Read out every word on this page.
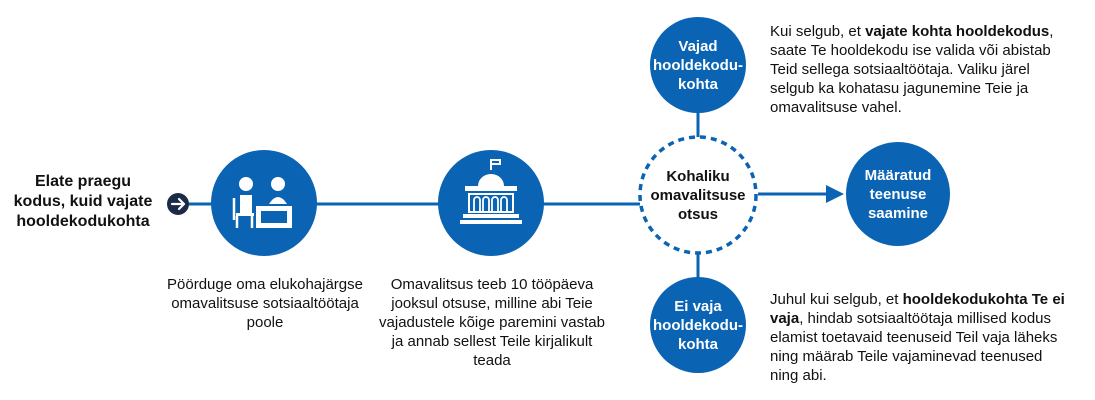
Elate praegu kodus, kuid vajate hooldekodukohta
Pöörduge oma elukohajärgse omavalitsuse sotsiaaltöötaja poole
Omavalitsus teeb 10 tööpäeva jooksul otsuse, milline abi Teie vajadustele kõige paremini vastab ja annab sellest Teile kirjalikult teada
Kohaliku omavalitsuse otsus
Vajad hooldekodu-kohta
Kui selgub, et vajate kohta hooldekodus, saate Te hooldekodu ise valida või abistab Teid sellega sotsiaaltöötaja. Valiku järel selgub ka kohatasu jagunemine Teie ja omavalitsuse vahel.
Ei vaja hooldekodu-kohta
Juhul kui selgub, et hooldekodukohta Te ei vaja, hindab sotsiaaltöötaja millised kodus elamist toetavaid teenuseid Teil vaja läheks ning määrab Teile vajaminevad teenused ning abi.
Määratud teenuse saamine
